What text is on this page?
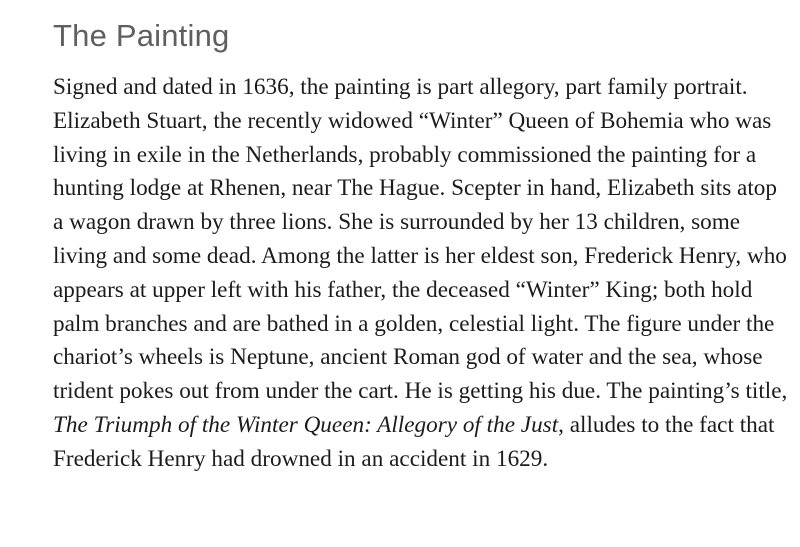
The Painting

Signed and dated in 1636, the painting is part allegory, part family portrait. Elizabeth Stuart, the recently widowed “Winter” Queen of Bohemia who was living in exile in the Netherlands, probably commissioned the painting for a hunting lodge at Rhenen, near The Hague. Scepter in hand, Elizabeth sits atop a wagon drawn by three lions. She is surrounded by her 13 children, some living and some dead. Among the latter is her eldest son, Frederick Henry, who appears at upper left with his father, the deceased “Winter” King; both hold palm branches and are bathed in a golden, celestial light. The figure under the chariot’s wheels is Neptune, ancient Roman god of water and the sea, whose trident pokes out from under the cart. He is getting his due. The painting’s title, The Triumph of the Winter Queen: Allegory of the Just, alludes to the fact that Frederick Henry had drowned in an accident in 1629.
